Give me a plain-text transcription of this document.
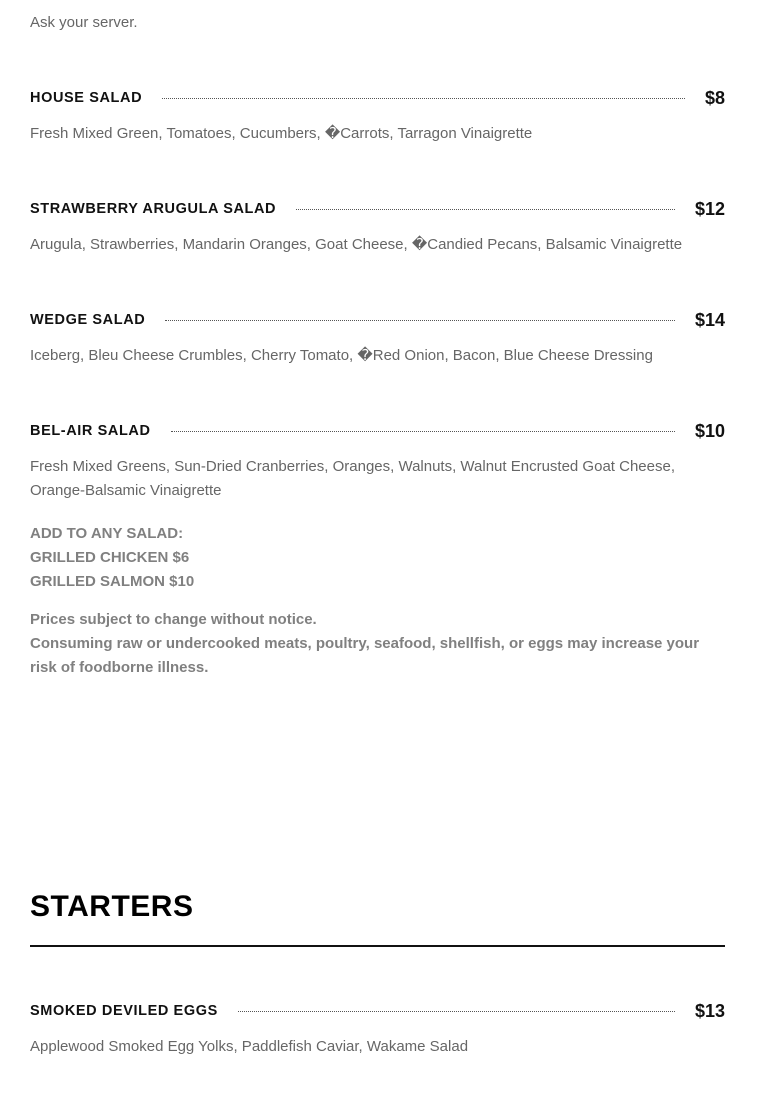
Ask your server.
HOUSE SALAD	$8
Fresh Mixed Green, Tomatoes, Cucumbers, �Carrots, Tarragon Vinaigrette
STRAWBERRY ARUGULA SALAD	$12
Arugula, Strawberries, Mandarin Oranges, Goat Cheese, �Candied Pecans, Balsamic Vinaigrette
WEDGE SALAD	$14
Iceberg, Bleu Cheese Crumbles, Cherry Tomato, �Red Onion, Bacon, Blue Cheese Dressing
BEL-AIR SALAD	$10
Fresh Mixed Greens, Sun-Dried Cranberries, Oranges, Walnuts, Walnut Encrusted Goat Cheese, Orange-Balsamic Vinaigrette
ADD TO ANY SALAD:
GRILLED CHICKEN $6
GRILLED SALMON $10
Prices subject to change without notice.
Consuming raw or undercooked meats, poultry, seafood, shellfish, or eggs may increase your risk of foodborne illness.
STARTERS
SMOKED DEVILED EGGS	$13
Applewood Smoked Egg Yolks, Paddlefish Caviar, Wakame Salad
